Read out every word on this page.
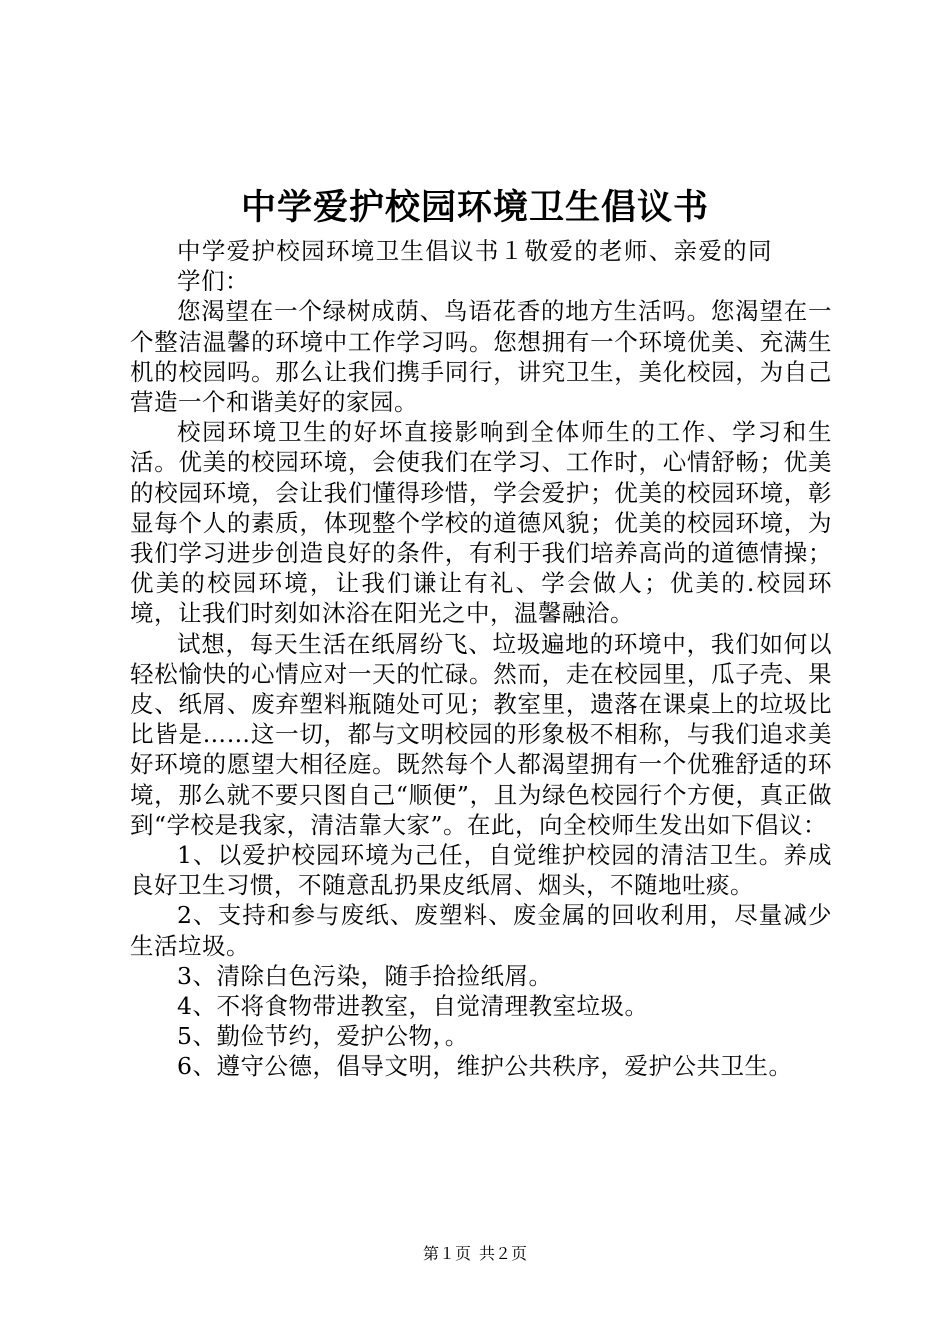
中学爱护校园环境卫生倡议书

中学爱护校园环境卫生倡议书１敬爱的老师、亲爱的同学们：

您渴望在一个绿树成荫、鸟语花香的地方生活吗。您渴望在一个整洁温馨的环境中工作学习吗。您想拥有一个环境优美、充满生机的校园吗。那么让我们携手同行，讲究卫生，美化校园，为自己营造一个和谐美好的家园。

校园环境卫生的好坏直接影响到全体师生的工作、学习和生活。优美的校园环境，会使我们在学习、工作时，心情舒畅；优美的校园环境，会让我们懂得珍惜，学会爱护；优美的校园环境，彰显每个人的素质，体现整个学校的道德风貌；优美的校园环境，为我们学习进步创造良好的条件，有利于我们培养高尚的道德情操；优美的校园环境，让我们谦让有礼、学会做人；优美的.校园环境，让我们时刻如沐浴在阳光之中，温馨融洽。

试想，每天生活在纸屑纷飞、垃圾遍地的环境中，我们如何以轻松愉快的心情应对一天的忙碌。然而，走在校园里，瓜子壳、果皮、纸屑、废弃塑料瓶随处可见；教室里，遗落在课桌上的垃圾比比皆是……这一切，都与文明校园的形象极不相称，与我们追求美好环境的愿望大相径庭。既然每个人都渴望拥有一个优雅舒适的环境，那么就不要只图自己“顺便”，且为绿色校园行个方便，真正做到“学校是我家，清洁靠大家”。在此，向全校师生发出如下倡议：

1、以爱护校园环境为己任，自觉维护校园的清洁卫生。养成良好卫生习惯，不随意乱扔果皮纸屑、烟头，不随地吐痰。

2、支持和参与废纸、废塑料、废金属的回收利用，尽量减少生活垃圾。

3、清除白色污染，随手拾捡纸屑。

4、不将食物带进教室，自觉清理教室垃圾。

5、勤俭节约，爱护公物，。

6、遵守公德，倡导文明，维护公共秩序，爱护公共卫生。

第１页 共２页
